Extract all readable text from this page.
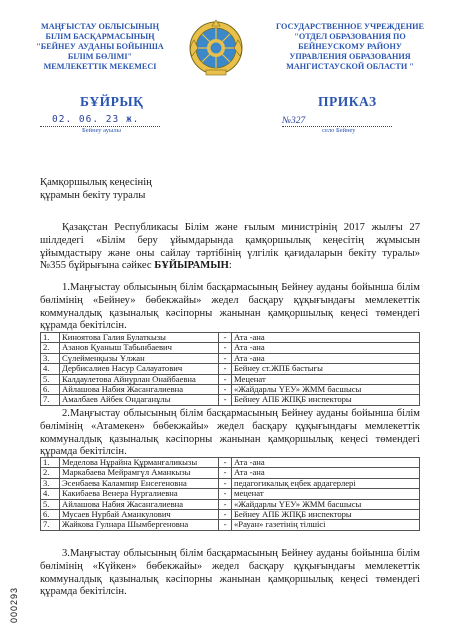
МАҢҒЫСТАУ ОБЛЫСЫНЫҢ
БІЛІМ БАСҚАРМАСЫНЫҢ
"БЕЙНЕУ АУДАНЫ БОЙЫНША
БІЛІМ БӨЛІМІ"
МЕМЛЕКЕТТІК МЕКЕМЕСІ
ГОСУДАРСТВЕННОЕ УЧРЕЖДЕНИЕ
"ОТДЕЛ ОБРАЗОВАНИЯ ПО
БЕЙНЕУСКОМУ РАЙОНУ
УПРАВЛЕНИЯ ОБРАЗОВАНИЯ
МАНГИСТАУСКОЙ ОБЛАСТИ "
БҰЙРЫҚ	ПРИКАЗ
02. 06. 23 ж.	№327
Бейнеу ауылы	село Бейнеу
Қамқоршылық кеңесінің
құрамын бекіту туралы
Қазақстан Республикасы Білім және ғылым министрінің 2017 жылғы 27 шілдедегі «Білім беру ұйымдарында қамқоршылық кеңесітің жұмысын ұйымдастыру және оны сайлау тәртібінің үлгілік қағидаларын бекіту туралы» №355 бұйрығына сәйкес БҰЙЫРАМЫН:
1.Маңғыстау облысының білім басқармасының Бейнеу ауданы бойынша білім бөлімінің «Бейнеу» бөбекжайы» жедел басқару құқығындағы мемлекеттік коммуналдық қазыналық кәсіпорны жанынан қамқоршылық кеңесі төмендегі құрамда бекітілсін.
1.	Киноятова Галия Булаткызы	-	Ата -ана
2.	Азанов Қуаныш Табынбаевич	-	Ата -ана
3.	Сүлейменқызы Ұлжан	-	Ата -ана
4.	Дербисалиев Насур Салауатович	-	Бейнеу ст.ЖПБ бастығы
5.	Калдаулетова Айнурлан Онайбаевна	-	Меценат
6.	Айлашова Набия Жасангалиевна	-	«Жайдарлы YEУ» ЖММ басшысы
7.	Амалбаев Айбек Ондаганұлы	-	Бейнеу АПБ ЖПҚБ инспекторы
2.Маңғыстау облысының білім басқармасының Бейнеу ауданы бойынша білім бөлімінің «Атамекен» бөбекжайы» жедел басқару құқығындағы мемлекеттік коммуналдық қазыналық кәсіпорны жанынан қамқоршылық кеңесі төмендегі құрамда бекітілсін.
1.	Меделова Нұрайна Құрманғаликызы	-	Ата -ана
2.	Маркабаева Мейрамгүл Аманкызы	-	Ата -ана
3.	Эсенбаева Калампир Енсегеновна	-	педагогикалық еңбек ардагерлері
4.	Какибаева Венера Нургалиевна	-	меценат
5.	Айлашова Набия Жасангалиевна	-	«Жайдарлы YEУ» ЖММ басшысы
6.	Мусаев Нурбай Аманкулович	-	Бейнеу АПБ ЖПҚБ инспекторы
7.	Жайкова Гулнара Шымбергеновна	-	«Рауан» газетінің тілшісі
3.Маңғыстау облысының білім басқармасының Бейнеу ауданы бойынша білім бөлімінің «Күйкен» бөбекжайы» жедел басқару құқығындағы мемлекеттік коммуналдық қазыналық кәсіпорны жанынан қамқоршылық кеңесі төмендегі құрамда бекітілсін.
000293
